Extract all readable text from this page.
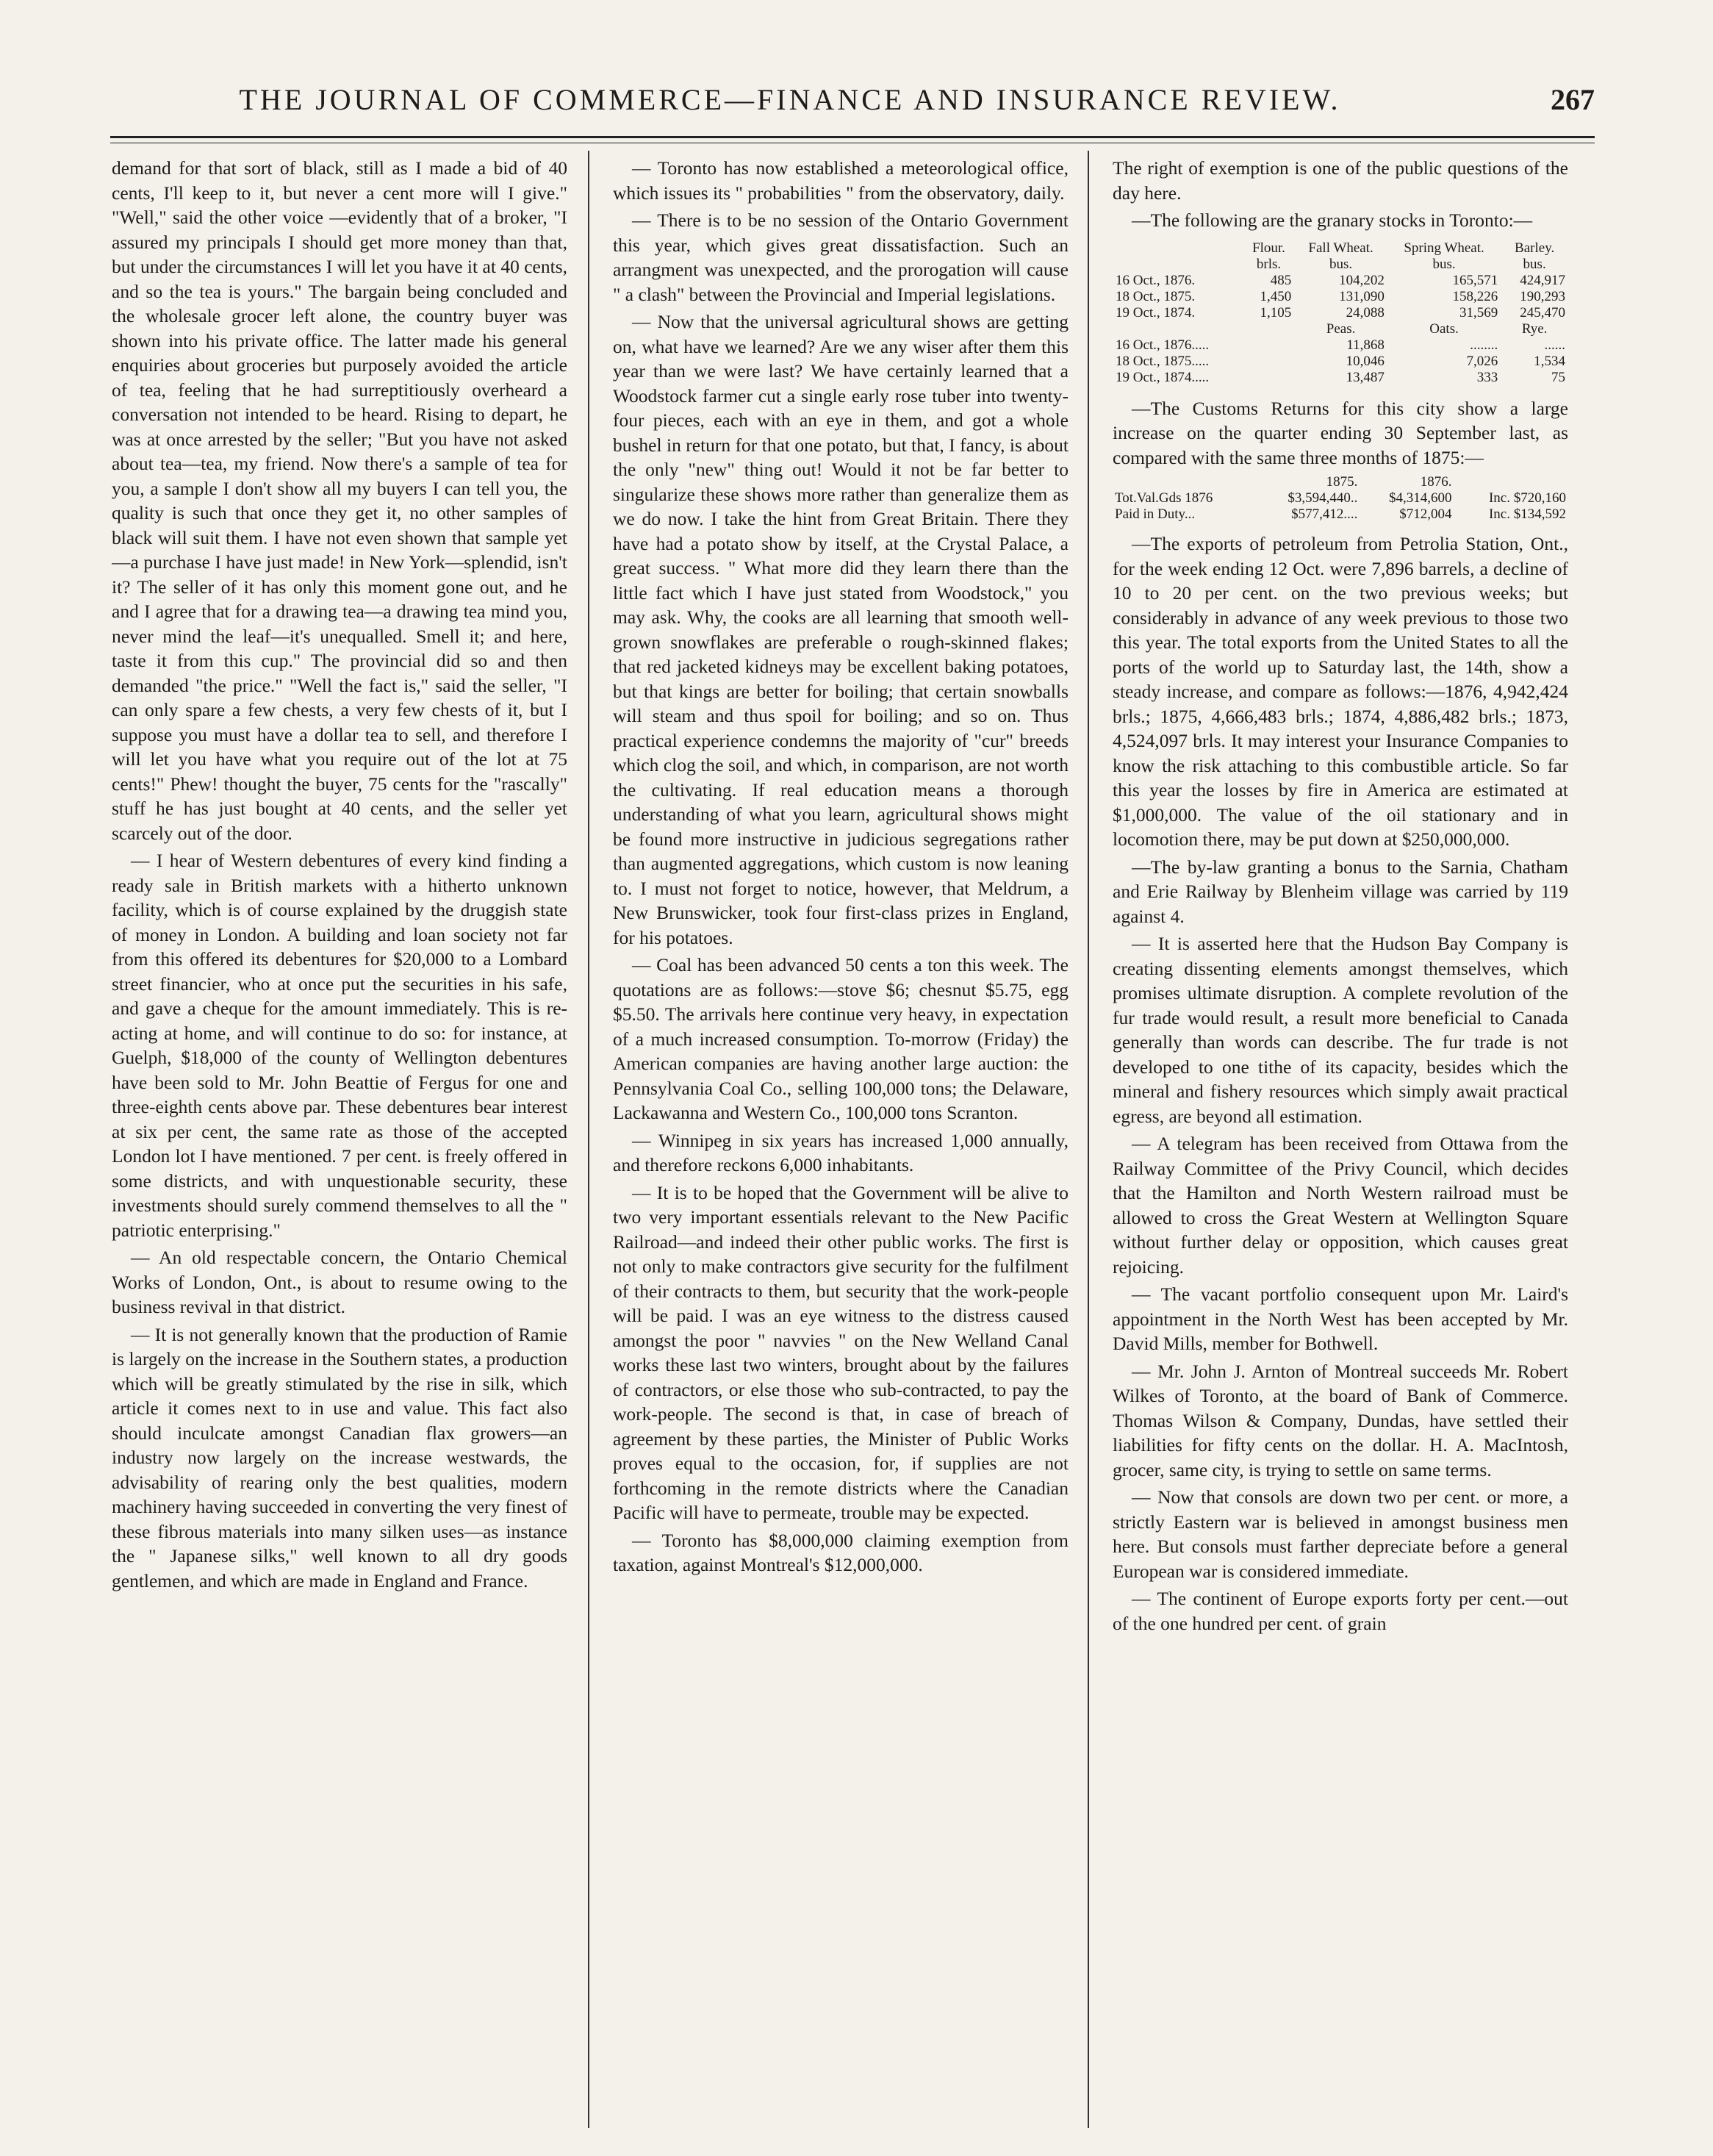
THE JOURNAL OF COMMERCE—FINANCE AND INSURANCE REVIEW.	267

demand for that sort of black, still as I made a bid of 40 cents, I'll keep to it, but never a cent more will I give." "Well," said the other voice —evidently that of a broker, "I assured my principals I should get more money than that, but under the circumstances I will let you have it at 40 cents, and so the tea is yours." The bargain being concluded and the wholesale grocer left alone, the country buyer was shown into his private office. The latter made his general enquiries about groceries but purposely avoided the article of tea, feeling that he had surreptitiously overheard a conversation not intended to be heard. Rising to depart, he was at once arrested by the seller; "But you have not asked about tea—tea, my friend. Now there's a sample of tea for you, a sample I don't show all my buyers I can tell you, the quality is such that once they get it, no other samples of black will suit them. I have not even shown that sample yet—a purchase I have just made! in New York—splendid, isn't it? The seller of it has only this moment gone out, and he and I agree that for a drawing tea—a drawing tea mind you, never mind the leaf—it's unequalled. Smell it; and here, taste it from this cup." The provincial did so and then demanded "the price." "Well the fact is," said the seller, "I can only spare a few chests, a very few chests of it, but I suppose you must have a dollar tea to sell, and therefore I will let you have what you require out of the lot at 75 cents!" Phew! thought the buyer, 75 cents for the "rascally" stuff he has just bought at 40 cents, and the seller yet scarcely out of the door.

— I hear of Western debentures of every kind finding a ready sale in British markets with a hitherto unknown facility, which is of course explained by the druggish state of money in London. A building and loan society not far from this offered its debentures for $20,000 to a Lombard street financier, who at once put the securities in his safe, and gave a cheque for the amount immediately. This is re-acting at home, and will continue to do so: for instance, at Guelph, $18,000 of the county of Wellington debentures have been sold to Mr. John Beattie of Fergus for one and three-eighth cents above par. These debentures bear interest at six per cent, the same rate as those of the accepted London lot I have mentioned. 7 per cent. is freely offered in some districts, and with unquestionable security, these investments should surely commend themselves to all the " patriotic enterprising."

— An old respectable concern, the Ontario Chemical Works of London, Ont., is about to resume owing to the business revival in that district.

— It is not generally known that the production of Ramie is largely on the increase in the Southern states, a production which will be greatly stimulated by the rise in silk, which article it comes next to in use and value. This fact also should inculcate amongst Canadian flax growers—an industry now largely on the increase westwards, the advisability of rearing only the best qualities, modern machinery having succeeded in converting the very finest of these fibrous materials into many silken uses—as instance the " Japanese silks," well known to all dry goods gentlemen, and which are made in England and France.

— Toronto has now established a meteorological office, which issues its " probabilities " from the observatory, daily.

— There is to be no session of the Ontario Government this year, which gives great dissatisfaction. Such an arrangment was unexpected, and the prorogation will cause " a clash" between the Provincial and Imperial legislations.

— Now that the universal agricultural shows are getting on, what have we learned? Are we any wiser after them this year than we were last? We have certainly learned that a Woodstock farmer cut a single early rose tuber into twenty-four pieces, each with an eye in them, and got a whole bushel in return for that one potato, but that, I fancy, is about the only "new" thing out! Would it not be far better to singularize these shows more rather than generalize them as we do now. I take the hint from Great Britain. There they have had a potato show by itself, at the Crystal Palace, a great success. " What more did they learn there than the little fact which I have just stated from Woodstock," you may ask. Why, the cooks are all learning that smooth well-grown snowflakes are preferable o rough-skinned flakes; that red jacketed kidneys may be excellent baking potatoes, but that kings are better for boiling; that certain snowballs will steam and thus spoil for boiling; and so on. Thus practical experience condemns the majority of "cur" breeds which clog the soil, and which, in comparison, are not worth the cultivating. If real education means a thorough understanding of what you learn, agricultural shows might be found more instructive in judicious segregations rather than augmented aggregations, which custom is now leaning to. I must not forget to notice, however, that Meldrum, a New Brunswicker, took four first-class prizes in England, for his potatoes.

— Coal has been advanced 50 cents a ton this week. The quotations are as follows:—stove $6; chesnut $5.75, egg $5.50. The arrivals here continue very heavy, in expectation of a much increased consumption. To-morrow (Friday) the American companies are having another large auction: the Pennsylvania Coal Co., selling 100,000 tons; the Delaware, Lackawanna and Western Co., 100,000 tons Scranton.

— Winnipeg in six years has increased 1,000 annually, and therefore reckons 6,000 inhabitants.

— It is to be hoped that the Government will be alive to two very important essentials relevant to the New Pacific Railroad—and indeed their other public works. The first is not only to make contractors give security for the fulfilment of their contracts to them, but security that the work-people will be paid. I was an eye witness to the distress caused amongst the poor " navvies " on the New Welland Canal works these last two winters, brought about by the failures of contractors, or else those who sub-contracted, to pay the work-people. The second is that, in case of breach of agreement by these parties, the Minister of Public Works proves equal to the occasion, for, if supplies are not forthcoming in the remote districts where the Canadian Pacific will have to permeate, trouble may be expected.

— Toronto has $8,000,000 claiming exemption from taxation, against Montreal's $12,000,000.

The right of exemption is one of the public questions of the day here.

—The following are the granary stocks in Toronto:—

	Flour.	Fall Wheat.	Spring Wheat.	Barley.
	brls.	bus.	bus.	bus.
16 Oct., 1876.	485	104,202	165,571	424,917
18 Oct., 1875.	1,450	131,090	158,226	190,293
19 Oct., 1874.	1,105	24,088	31,569	245,470
		Peas.	Oats.	Rye.
16 Oct., 1876.....		11,868	........	......
18 Oct., 1875.....		10,046	7,026	1,534
19 Oct., 1874.....		13,487	333	75

—The Customs Returns for this city show a large increase on the quarter ending 30 September last, as compared with the same three months of 1875:—

	1875.	1876.	
Tot.Val.Gds 1876	$3,594,440..	$4,314,600	Inc. $720,160
Paid in Duty...	$577,412....	$712,004	Inc. $134,592

—The exports of petroleum from Petrolia Station, Ont., for the week ending 12 Oct. were 7,896 barrels, a decline of 10 to 20 per cent. on the two previous weeks; but considerably in advance of any week previous to those two this year. The total exports from the United States to all the ports of the world up to Saturday last, the 14th, show a steady increase, and compare as follows:—1876, 4,942,424 brls.; 1875, 4,666,483 brls.; 1874, 4,886,482 brls.; 1873, 4,524,097 brls. It may interest your Insurance Companies to know the risk attaching to this combustible article. So far this year the losses by fire in America are estimated at $1,000,000. The value of the oil stationary and in locomotion there, may be put down at $250,000,000.

—The by-law granting a bonus to the Sarnia, Chatham and Erie Railway by Blenheim village was carried by 119 against 4.

— It is asserted here that the Hudson Bay Company is creating dissenting elements amongst themselves, which promises ultimate disruption. A complete revolution of the fur trade would result, a result more beneficial to Canada generally than words can describe. The fur trade is not developed to one tithe of its capacity, besides which the mineral and fishery resources which simply await practical egress, are beyond all estimation.

— A telegram has been received from Ottawa from the Railway Committee of the Privy Council, which decides that the Hamilton and North Western railroad must be allowed to cross the Great Western at Wellington Square without further delay or opposition, which causes great rejoicing.

— The vacant portfolio consequent upon Mr. Laird's appointment in the North West has been accepted by Mr. David Mills, member for Bothwell.

— Mr. John J. Arnton of Montreal succeeds Mr. Robert Wilkes of Toronto, at the board of Bank of Commerce. Thomas Wilson & Company, Dundas, have settled their liabilities for fifty cents on the dollar. H. A. MacIntosh, grocer, same city, is trying to settle on same terms.

— Now that consols are down two per cent. or more, a strictly Eastern war is believed in amongst business men here. But consols must farther depreciate before a general European war is considered immediate.

— The continent of Europe exports forty per cent.—out of the one hundred per cent. of grain
